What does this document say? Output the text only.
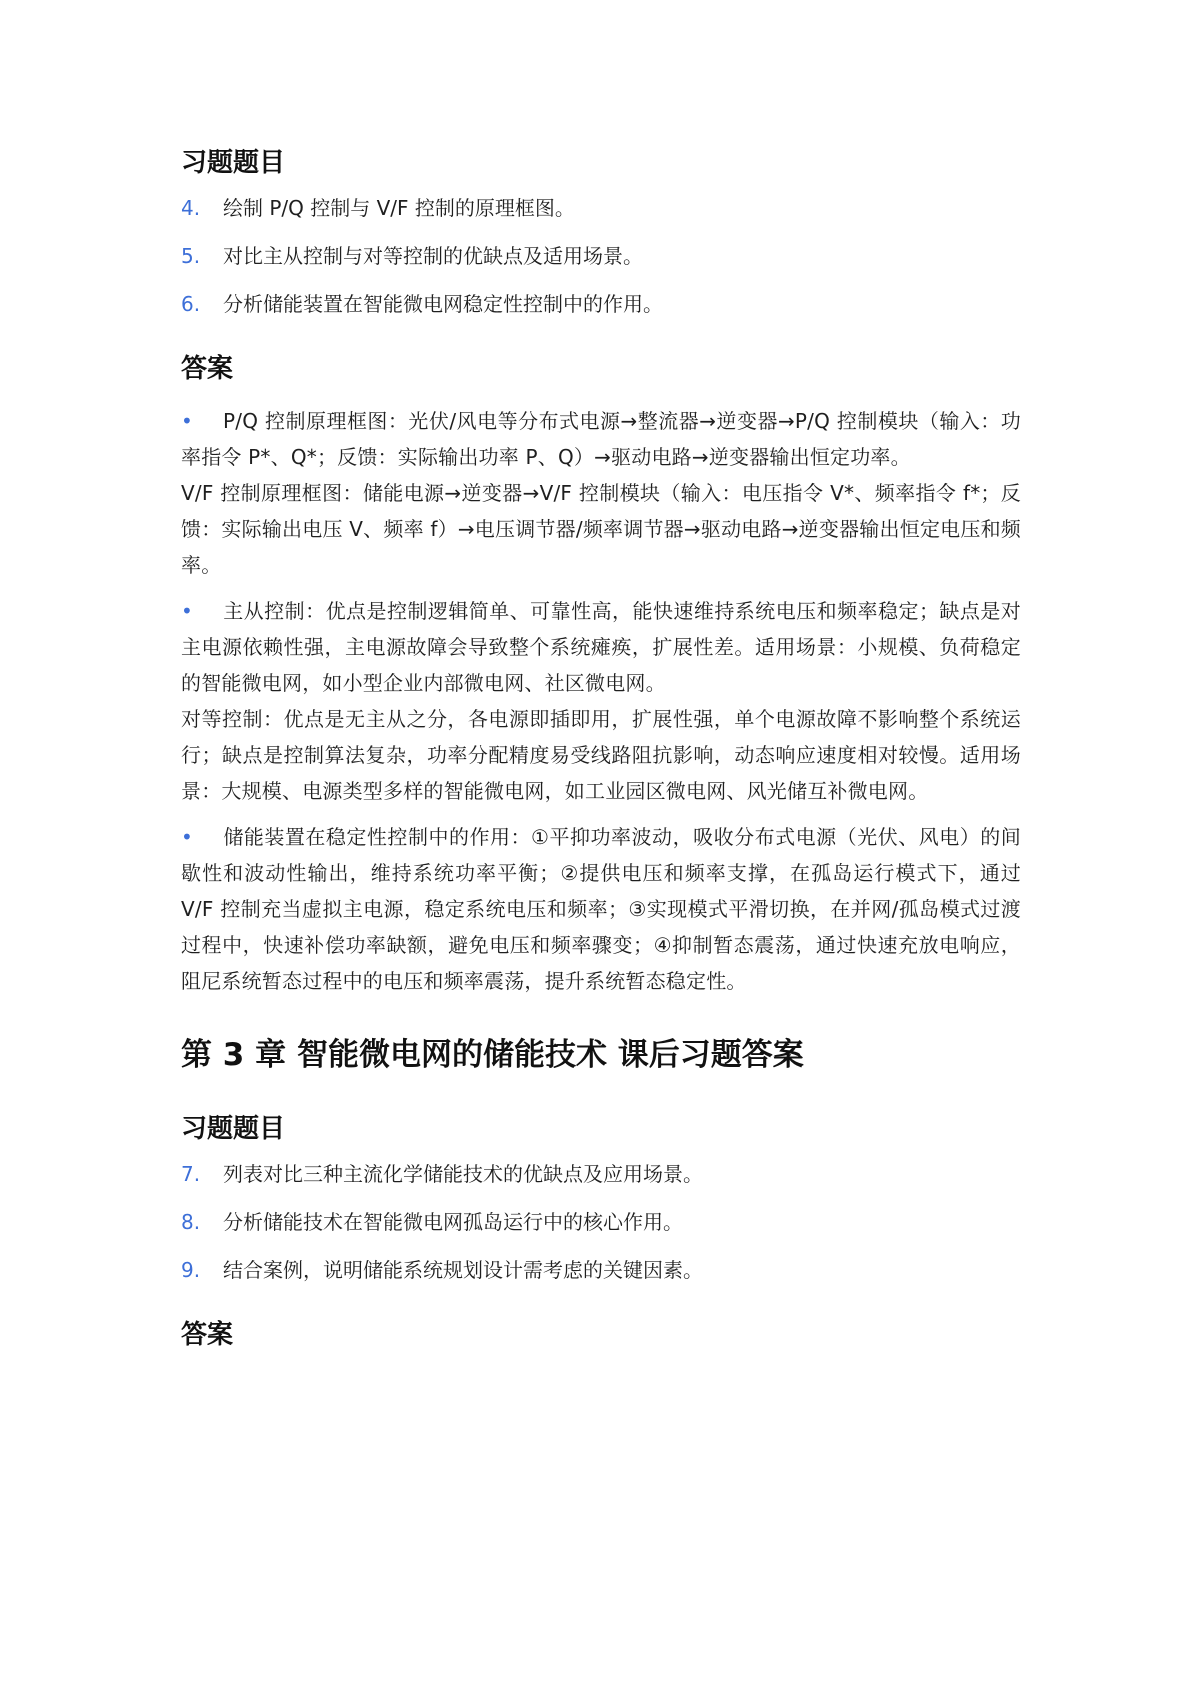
习题题目
4.	绘制 P/Q 控制与 V/F 控制的原理框图。
5.	对比主从控制与对等控制的优缺点及适用场景。
6.	分析储能装置在智能微电网稳定性控制中的作用。
答案

• P/Q 控制原理框图：光伏/风电等分布式电源→整流器→逆变器→P/Q 控制模块（输入：功率指令 P*、Q*；反馈：实际输出功率 P、Q）→驱动电路→逆变器输出恒定功率。

V/F 控制原理框图：储能电源→逆变器→V/F 控制模块（输入：电压指令 V*、频率指令 f*；反馈：实际输出电压 V、频率 f）→电压调节器/频率调节器→驱动电路→逆变器输出恒定电压和频率。

• 主从控制：优点是控制逻辑简单、可靠性高，能快速维持系统电压和频率稳定；缺点是对主电源依赖性强，主电源故障会导致整个系统瘫痪，扩展性差。适用场景：小规模、负荷稳定的智能微电网，如小型企业内部微电网、社区微电网。

对等控制：优点是无主从之分，各电源即插即用，扩展性强，单个电源故障不影响整个系统运行；缺点是控制算法复杂，功率分配精度易受线路阻抗影响，动态响应速度相对较慢。适用场景：大规模、电源类型多样的智能微电网，如工业园区微电网、风光储互补微电网。

• 储能装置在稳定性控制中的作用：①平抑功率波动，吸收分布式电源（光伏、风电）的间歇性和波动性输出，维持系统功率平衡；②提供电压和频率支撑，在孤岛运行模式下，通过 V/F 控制充当虚拟主电源，稳定系统电压和频率；③实现模式平滑切换，在并网/孤岛模式过渡过程中，快速补偿功率缺额，避免电压和频率骤变；④抑制暂态震荡，通过快速充放电响应，阻尼系统暂态过程中的电压和频率震荡，提升系统暂态稳定性。

第 3 章 智能微电网的储能技术 课后习题答案
习题题目
7.	列表对比三种主流化学储能技术的优缺点及应用场景。
8.	分析储能技术在智能微电网孤岛运行中的核心作用。
9.	结合案例，说明储能系统规划设计需考虑的关键因素。
答案
